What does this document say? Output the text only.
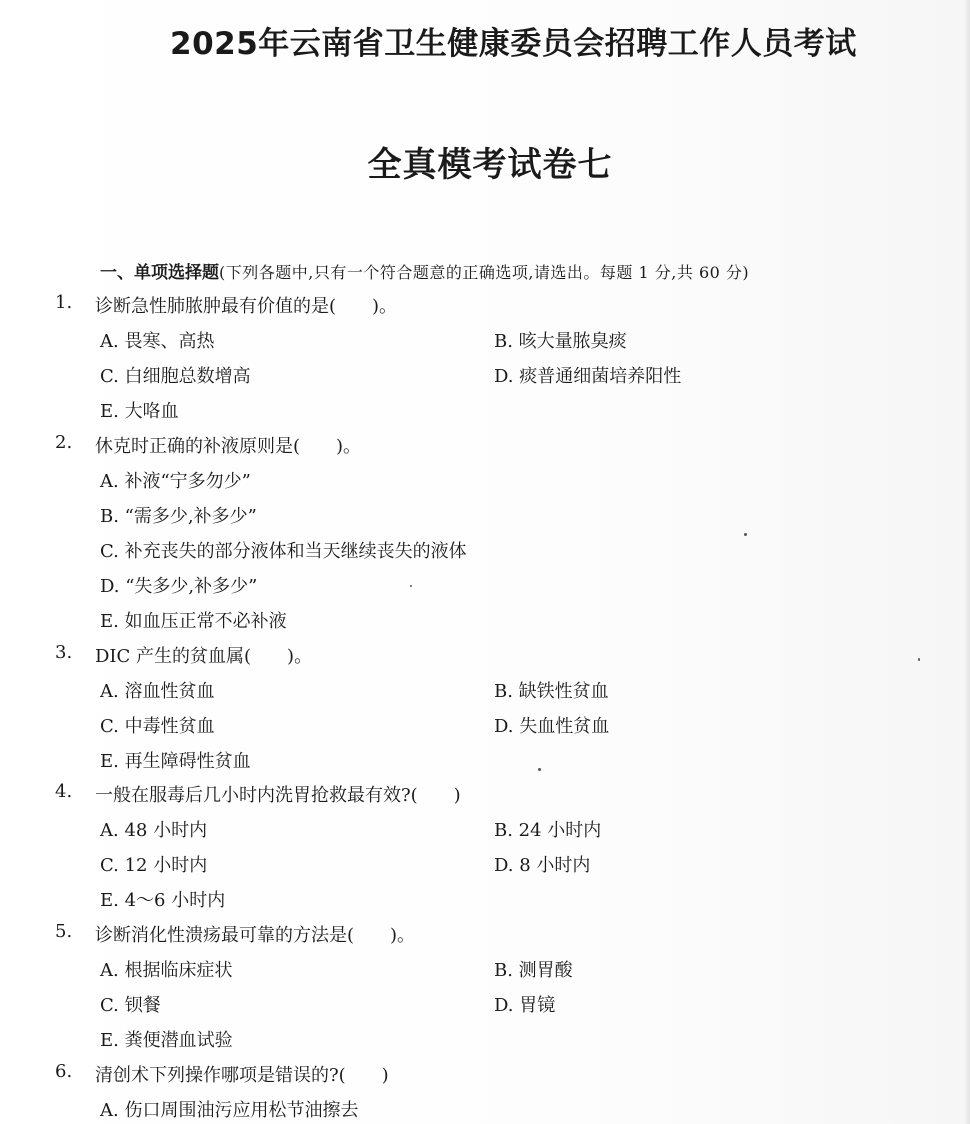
2025年云南省卫生健康委员会招聘工作人员考试
全真模考试卷七
一、单项选择题(下列各题中,只有一个符合题意的正确选项,请选出。每题 1 分,共 60 分)
1. 诊断急性肺脓肿最有价值的是(　　)。
A. 畏寒、高热	B. 咳大量脓臭痰
C. 白细胞总数增高	D. 痰普通细菌培养阳性
E. 大咯血
2. 休克时正确的补液原则是(　　)。
A. 补液“宁多勿少”
B. “需多少,补多少”
C. 补充丧失的部分液体和当天继续丧失的液体
D. “失多少,补多少”
E. 如血压正常不必补液
3. DIC 产生的贫血属(　　)。
A. 溶血性贫血	B. 缺铁性贫血
C. 中毒性贫血	D. 失血性贫血
E. 再生障碍性贫血
4. 一般在服毒后几小时内洗胃抢救最有效?(　　)
A. 48 小时内	B. 24 小时内
C. 12 小时内	D. 8 小时内
E. 4～6 小时内
5. 诊断消化性溃疡最可靠的方法是(　　)。
A. 根据临床症状	B. 测胃酸
C. 钡餐	D. 胃镜
E. 粪便潜血试验
6. 清创术下列操作哪项是错误的?(　　)
A. 伤口周围油污应用松节油擦去
